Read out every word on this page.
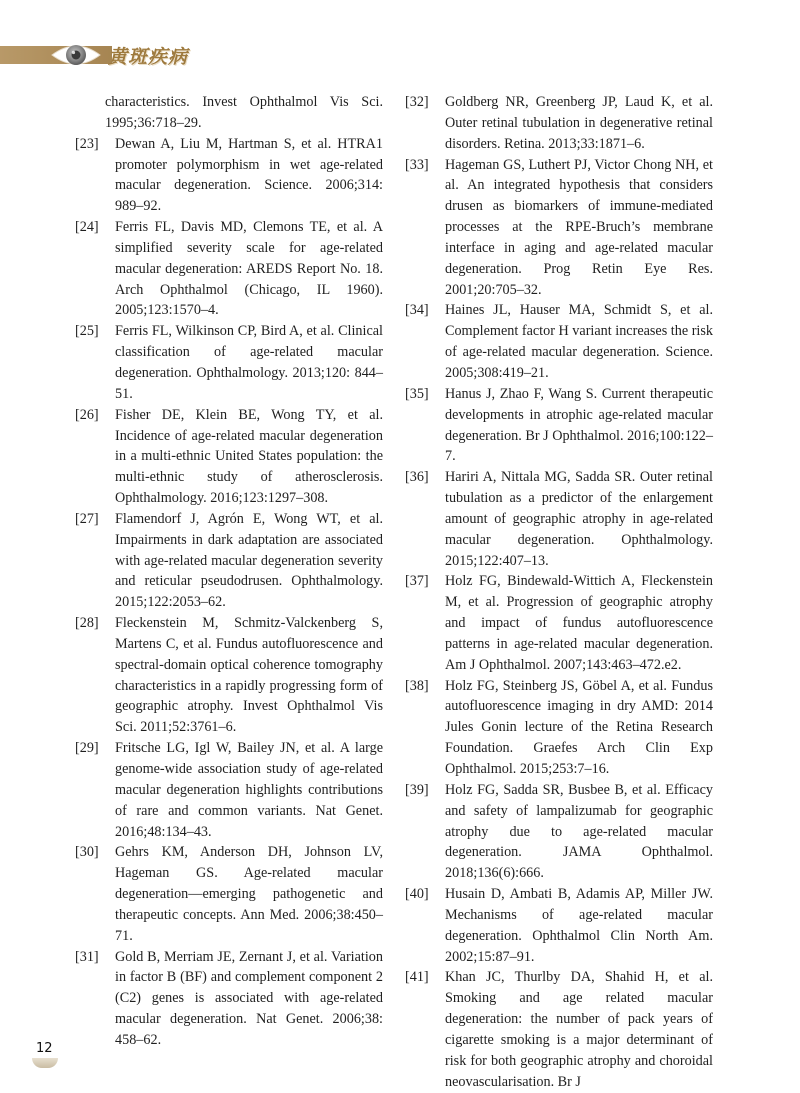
黄斑疾病
characteristics. Invest Ophthalmol Vis Sci. 1995;36:718–29.
[23]	Dewan A, Liu M, Hartman S, et al. HTRA1 promoter polymorphism in wet age-related macular degeneration. Science. 2006;314: 989–92.
[24]	Ferris FL, Davis MD, Clemons TE, et al. A simplified severity scale for age-related macular degeneration: AREDS Report No. 18. Arch Ophthalmol (Chicago, IL 1960). 2005;123:1570–4.
[25]	Ferris FL, Wilkinson CP, Bird A, et al. Clinical classification of age-related macular degeneration. Ophthalmology. 2013;120: 844–51.
[26]	Fisher DE, Klein BE, Wong TY, et al. Incidence of age-related macular degeneration in a multi-ethnic United States population: the multi-ethnic study of atherosclerosis. Ophthalmology. 2016;123:1297–308.
[27]	Flamendorf J, Agrón E, Wong WT, et al. Impairments in dark adaptation are associated with age-related macular degeneration severity and reticular pseudodrusen. Ophthalmology. 2015;122:2053–62.
[28]	Fleckenstein M, Schmitz-Valckenberg S, Martens C, et al. Fundus autofluorescence and spectral-domain optical coherence tomography characteristics in a rapidly progressing form of geographic atrophy. Invest Ophthalmol Vis Sci. 2011;52:3761–6.
[29]	Fritsche LG, Igl W, Bailey JN, et al. A large genome-wide association study of age-related macular degeneration highlights contributions of rare and common variants. Nat Genet. 2016;48:134–43.
[30]	Gehrs KM, Anderson DH, Johnson LV, Hageman GS. Age-related macular degeneration—emerging pathogenetic and therapeutic concepts. Ann Med. 2006;38:450–71.
[31]	Gold B, Merriam JE, Zernant J, et al. Variation in factor B (BF) and complement component 2 (C2) genes is associated with age-related macular degeneration. Nat Genet. 2006;38: 458–62.
[32]	Goldberg NR, Greenberg JP, Laud K, et al. Outer retinal tubulation in degenerative retinal disorders. Retina. 2013;33:1871–6.
[33]	Hageman GS, Luthert PJ, Victor Chong NH, et al. An integrated hypothesis that considers drusen as biomarkers of immune-mediated processes at the RPE-Bruch’s membrane interface in aging and age-related macular degeneration. Prog Retin Eye Res. 2001;20:705–32.
[34]	Haines JL, Hauser MA, Schmidt S, et al. Complement factor H variant increases the risk of age-related macular degeneration. Science. 2005;308:419–21.
[35]	Hanus J, Zhao F, Wang S. Current therapeutic developments in atrophic age-related macular degeneration. Br J Ophthalmol. 2016;100:122–7.
[36]	Hariri A, Nittala MG, Sadda SR. Outer retinal tubulation as a predictor of the enlargement amount of geographic atrophy in age-related macular degeneration. Ophthalmology. 2015;122:407–13.
[37]	Holz FG, Bindewald-Wittich A, Fleckenstein M, et al. Progression of geographic atrophy and impact of fundus autofluorescence patterns in age-related macular degeneration. Am J Ophthalmol. 2007;143:463–472.e2.
[38]	Holz FG, Steinberg JS, Göbel A, et al. Fundus autofluorescence imaging in dry AMD: 2014 Jules Gonin lecture of the Retina Research Foundation. Graefes Arch Clin Exp Ophthalmol. 2015;253:7–16.
[39]	Holz FG, Sadda SR, Busbee B, et al. Efficacy and safety of lampalizumab for geographic atrophy due to age-related macular degeneration. JAMA Ophthalmol. 2018;136(6):666.
[40]	Husain D, Ambati B, Adamis AP, Miller JW. Mechanisms of age-related macular degeneration. Ophthalmol Clin North Am. 2002;15:87–91.
[41]	Khan JC, Thurlby DA, Shahid H, et al. Smoking and age related macular degeneration: the number of pack years of cigarette smoking is a major determinant of risk for both geographic atrophy and choroidal neovascularisation. Br J
12
